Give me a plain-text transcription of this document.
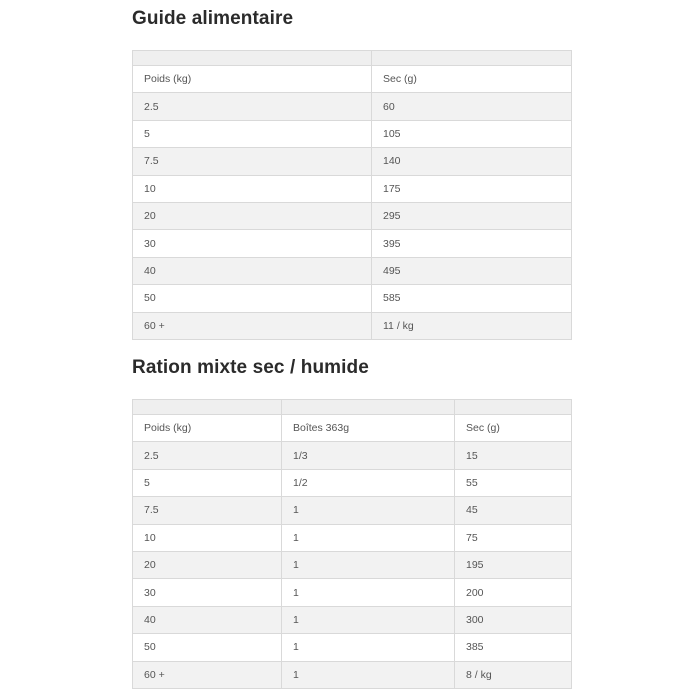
Guide alimentaire

Poids (kg)	Sec (g)
2.5	60
5	105
7.5	140
10	175
20	295
30	395
40	495
50	585
60 +	11 / kg
Ration mixte sec / humide

Poids (kg)	Boîtes 363g	Sec (g)
2.5	1/3	15
5	1/2	55
7.5	1	45
10	1	75
20	1	195
30	1	200
40	1	300
50	1	385
60 +	1	8 / kg
